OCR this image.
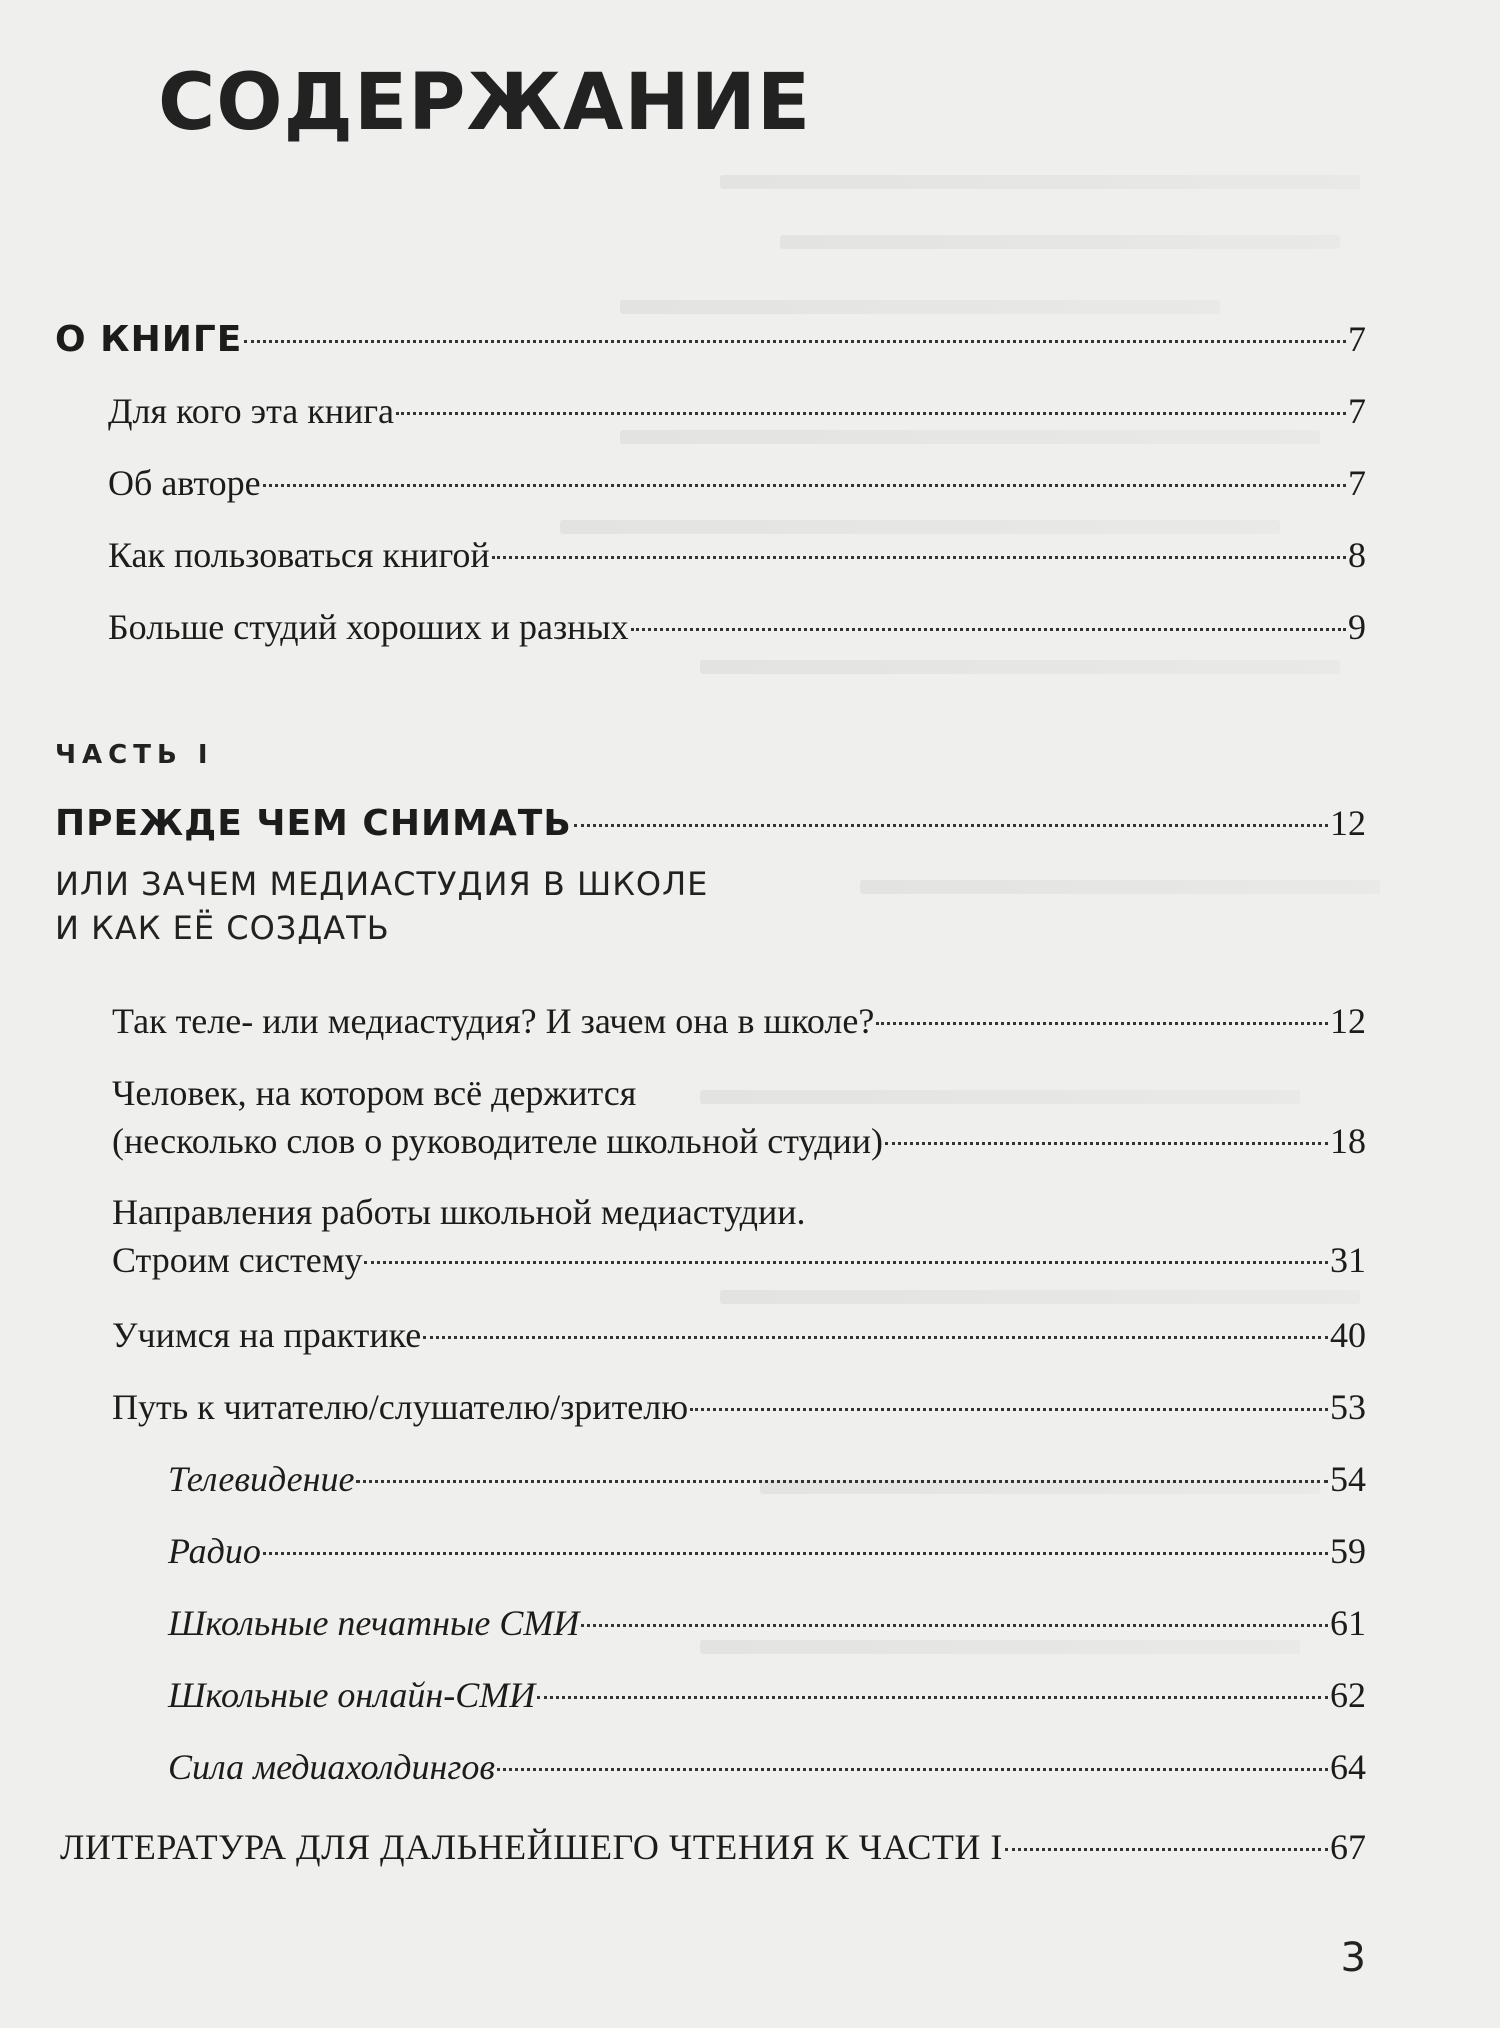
СОДЕРЖАНИЕ
О КНИГЕ	7
Для кого эта книга	7
Об авторе	7
Как пользоваться книгой	8
Больше студий хороших и разных	9

ЧАСТЬ I

ПРЕЖДЕ ЧЕМ СНИМАТЬ	12

ИЛИ ЗАЧЕМ МЕДИАСТУДИЯ В ШКОЛЕ
И КАК ЕЁ СОЗДАТЬ

Так теле- или медиастудия? И зачем она в школе?	12
Человек, на котором всё держится
(несколько слов о руководителе школьной студии)	18
Направления работы школьной медиастудии.
Строим систему	31
Учимся на практике	40
Путь к читателю/слушателю/зрителю	53
Телевидение	54
Радио	59
Школьные печатные СМИ	61
Школьные онлайн-СМИ	62
Сила медиахолдингов	64
ЛИТЕРАТУРА ДЛЯ ДАЛЬНЕЙШЕГО ЧТЕНИЯ К ЧАСТИ I	67

3
